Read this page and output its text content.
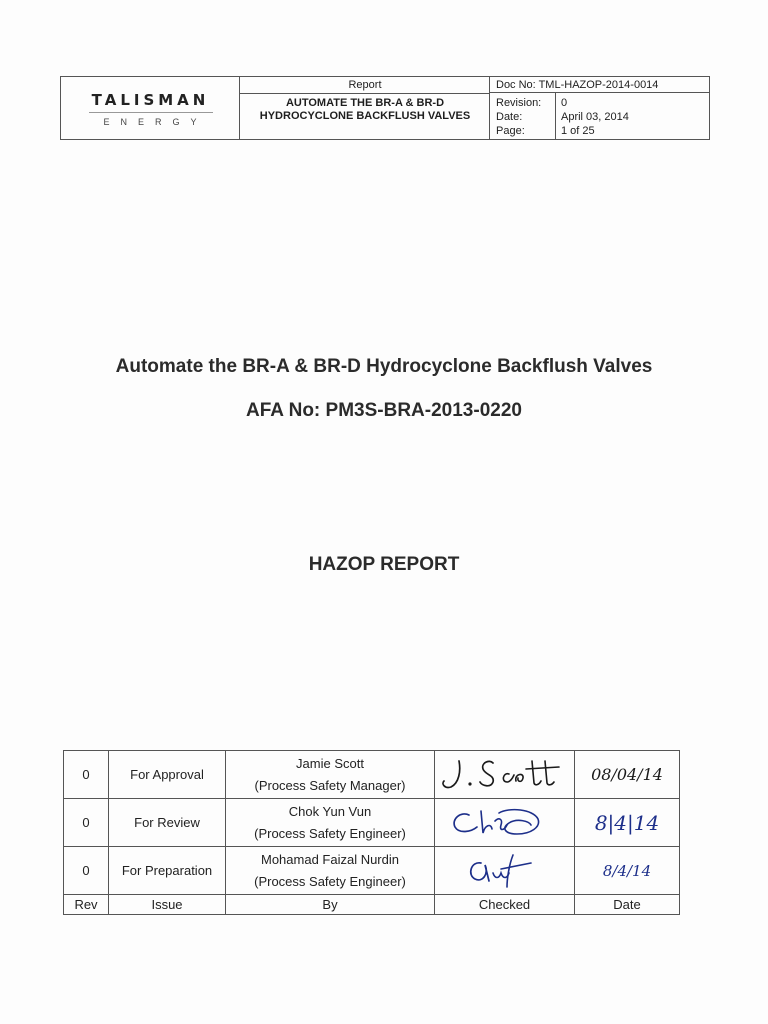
TALISMAN
ENERGY
Report
AUTOMATE THE BR-A & BR-D HYDROCYCLONE BACKFLUSH VALVES
Doc No: TML-HAZOP-2014-0014
Revision: 0
Date:	April 03, 2014
Page:	1 of 25
Automate the BR-A & BR-D Hydrocyclone Backflush Valves
AFA No: PM3S-BRA-2013-0220
HAZOP REPORT
0	For Approval	Jamie Scott
(Process Safety Manager)		08/04/14
0	For Review	Chok Yun Vun
(Process Safety Engineer)		8|4|14
0	For Preparation	Mohamad Faizal Nurdin
(Process Safety Engineer)		8/4/14
Rev	Issue	By	Checked	Date
